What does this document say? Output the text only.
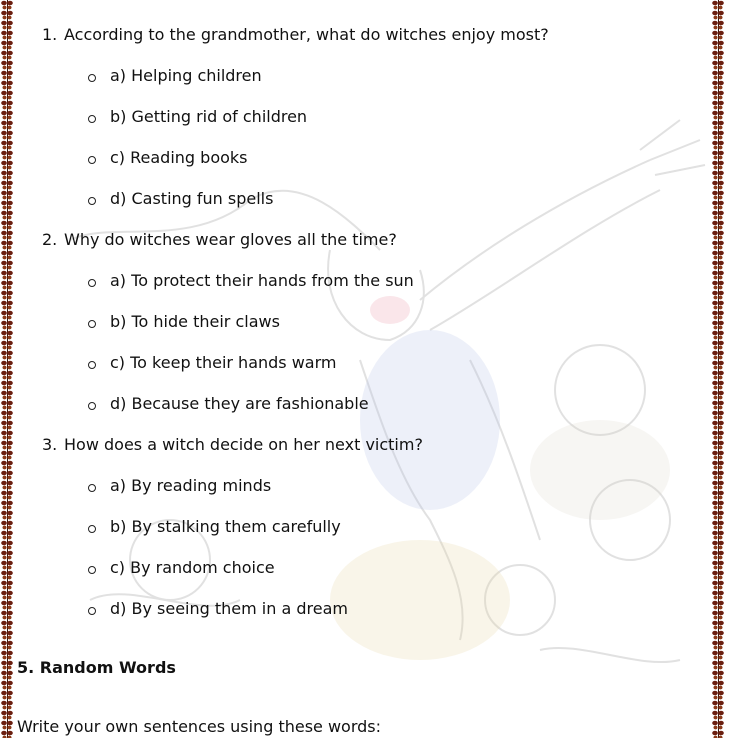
1. According to the grandmother, what do witches enjoy most?
a) Helping children
b) Getting rid of children
c) Reading books
d) Casting fun spells
2. Why do witches wear gloves all the time?
a) To protect their hands from the sun
b) To hide their claws
c) To keep their hands warm
d) Because they are fashionable
3. How does a witch decide on her next victim?
a) By reading minds
b) By stalking them carefully
c) By random choice
d) By seeing them in a dream
5. Random Words
Write your own sentences using these words:
